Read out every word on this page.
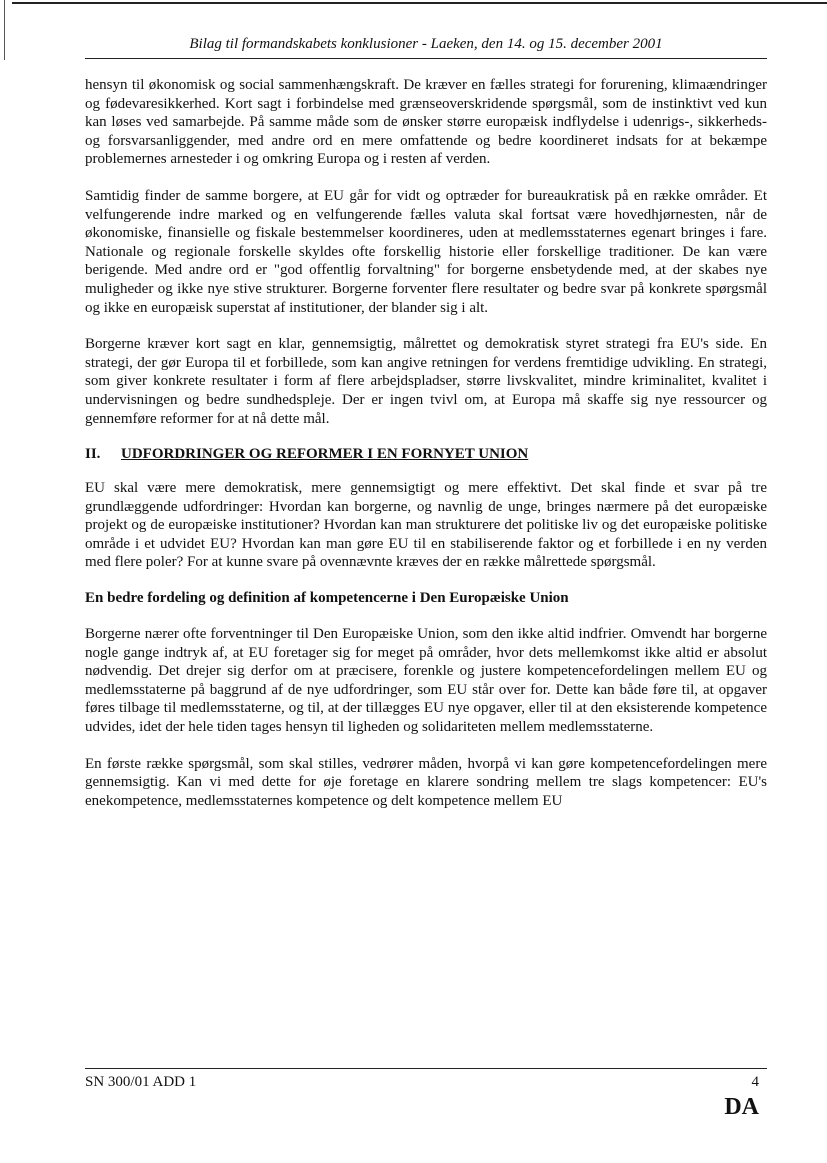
Bilag til formandskabets konklusioner - Laeken, den 14. og 15. december 2001

hensyn til økonomisk og social sammenhængskraft. De kræver en fælles strategi for forurening, klimaændringer og fødevaresikkerhed. Kort sagt i forbindelse med grænseoverskridende spørgsmål, som de instinktivt ved kun kan løses ved samarbejde. På samme måde som de ønsker større europæisk indflydelse i udenrigs-, sikkerheds- og forsvarsanliggender, med andre ord en mere omfattende og bedre koordineret indsats for at bekæmpe problemernes arnesteder i og omkring Europa og i resten af verden.

Samtidig finder de samme borgere, at EU går for vidt og optræder for bureaukratisk på en række områder. Et velfungerende indre marked og en velfungerende fælles valuta skal fortsat være hovedhjørnesten, når de økonomiske, finansielle og fiskale bestemmelser koordineres, uden at medlemsstaternes egenart bringes i fare. Nationale og regionale forskelle skyldes ofte forskellig historie eller forskellige traditioner. De kan være berigende. Med andre ord er "god offentlig forvaltning" for borgerne ensbetydende med, at der skabes nye muligheder og ikke nye stive strukturer. Borgerne forventer flere resultater og bedre svar på konkrete spørgsmål og ikke en europæisk superstat af institutioner, der blander sig i alt.

Borgerne kræver kort sagt en klar, gennemsigtig, målrettet og demokratisk styret strategi fra EU's side. En strategi, der gør Europa til et forbillede, som kan angive retningen for verdens fremtidige udvikling. En strategi, som giver konkrete resultater i form af flere arbejdspladser, større livskvalitet, mindre kriminalitet, kvalitet i undervisningen og bedre sundhedspleje. Der er ingen tvivl om, at Europa må skaffe sig nye ressourcer og gennemføre reformer for at nå dette mål.

II. UDFORDRINGER OG REFORMER I EN FORNYET UNION

EU skal være mere demokratisk, mere gennemsigtigt og mere effektivt. Det skal finde et svar på tre grundlæggende udfordringer: Hvordan kan borgerne, og navnlig de unge, bringes nærmere på det europæiske projekt og de europæiske institutioner? Hvordan kan man strukturere det politiske liv og det europæiske politiske område i et udvidet EU? Hvordan kan man gøre EU til en stabiliserende faktor og et forbillede i en ny verden med flere poler? For at kunne svare på ovennævnte kræves der en række målrettede spørgsmål.

En bedre fordeling og definition af kompetencerne i Den Europæiske Union

Borgerne nærer ofte forventninger til Den Europæiske Union, som den ikke altid indfrier. Omvendt har borgerne nogle gange indtryk af, at EU foretager sig for meget på områder, hvor dets mellemkomst ikke altid er absolut nødvendig. Det drejer sig derfor om at præcisere, forenkle og justere kompetencefordelingen mellem EU og medlemsstaterne på baggrund af de nye udfordringer, som EU står over for. Dette kan både føre til, at opgaver føres tilbage til medlemsstaterne, og til, at der tillægges EU nye opgaver, eller til at den eksisterende kompetence udvides, idet der hele tiden tages hensyn til ligheden og solidariteten mellem medlemsstaterne.

En første række spørgsmål, som skal stilles, vedrører måden, hvorpå vi kan gøre kompetencefordelingen mere gennemsigtig. Kan vi med dette for øje foretage en klarere sondring mellem tre slags kompetencer: EU's enekompetence, medlemsstaternes kompetence og delt kompetence mellem EU

SN 300/01 ADD 1	4
DA
